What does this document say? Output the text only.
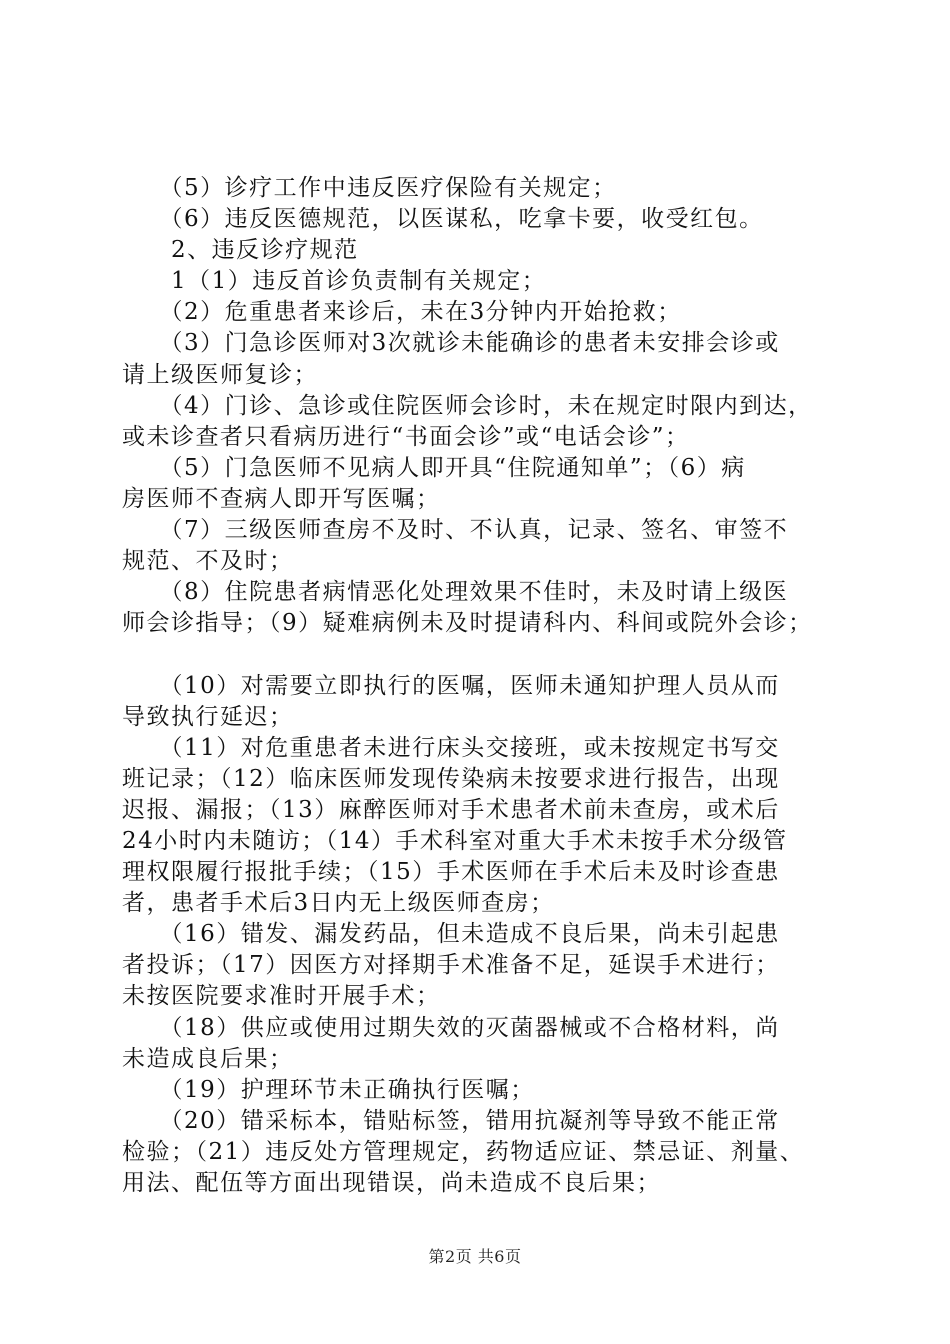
　　（5）诊疗工作中违反医疗保险有关规定；
　　（6）违反医德规范，以医谋私，吃拿卡要，收受红包。
　　2、违反诊疗规范
　　1（1）违反首诊负责制有关规定；
　　（2）危重患者来诊后，未在3分钟内开始抢救；
　　（3）门急诊医师对3次就诊未能确诊的患者未安排会诊或
请上级医师复诊；
　　（4）门诊、急诊或住院医师会诊时，未在规定时限内到达，
或未诊查者只看病历进行“书面会诊”或“电话会诊”；
　　（5）门急医师不见病人即开具“住院通知单”；（6）病
房医师不查病人即开写医嘱；
　　（7）三级医师查房不及时、不认真，记录、签名、审签不
规范、不及时；
　　（8）住院患者病情恶化处理效果不佳时，未及时请上级医
师会诊指导；（9）疑难病例未及时提请科内、科间或院外会诊；
　　（10）对需要立即执行的医嘱，医师未通知护理人员从而
导致执行延迟；
　　（11）对危重患者未进行床头交接班，或未按规定书写交
班记录；（12）临床医师发现传染病未按要求进行报告，出现
迟报、漏报；（13）麻醉医师对手术患者术前未查房，或术后
24小时内未随访；（14）手术科室对重大手术未按手术分级管
理权限履行报批手续；（15）手术医师在手术后未及时诊查患
者，患者手术后3日内无上级医师查房；
　　（16）错发、漏发药品，但未造成不良后果，尚未引起患
者投诉；（17）因医方对择期手术准备不足，延误手术进行；
未按医院要求准时开展手术；
　　（18）供应或使用过期失效的灭菌器械或不合格材料，尚
未造成良后果；
　　（19）护理环节未正确执行医嘱；
　　（20）错采标本，错贴标签，错用抗凝剂等导致不能正常
检验；（21）违反处方管理规定，药物适应证、禁忌证、剂量、
用法、配伍等方面出现错误，尚未造成不良后果；
第2页 共6页
